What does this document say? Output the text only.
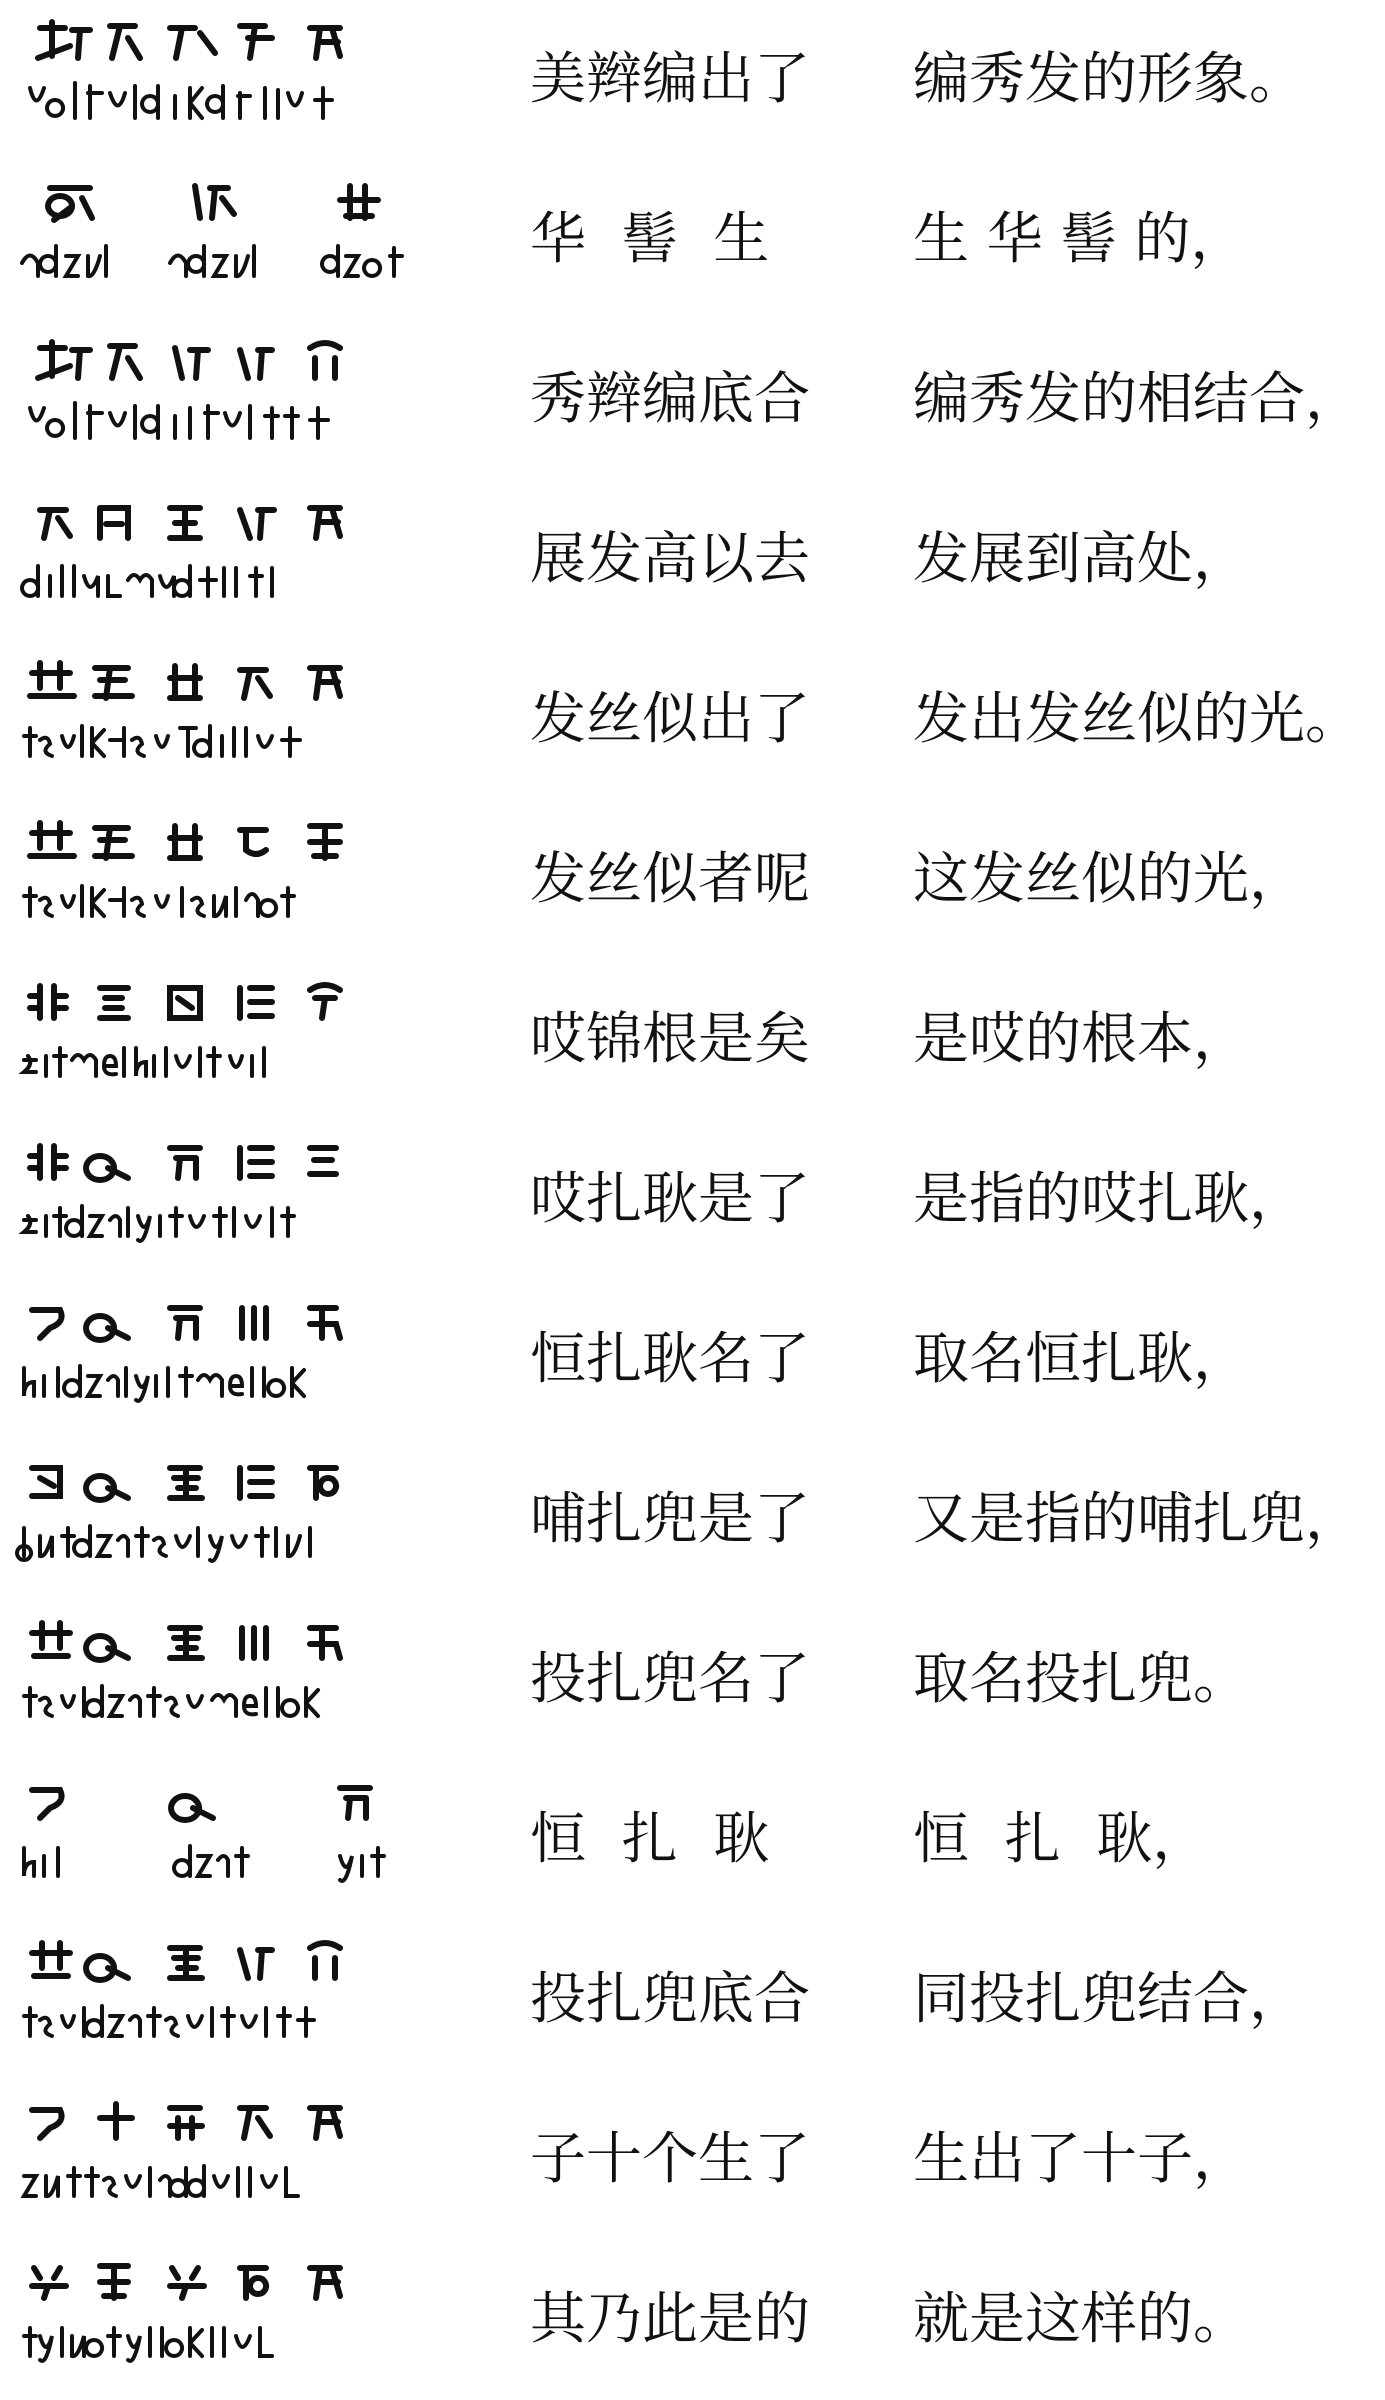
美辫编出了 编秀发的形象。
华  髻  生	生 华 髻 的，
秀辫编底合 编秀发的相结合，
展发高以去 发展到高处，
发丝似出了 发出发丝似的光。
发丝似者呢 这发丝似的光，
哎锦根是矣 是哎的根本，
哎扎耿是了 是指的哎扎耿，
恒扎耿名了 取名恒扎耿，
哺扎兜是了 又是指的哺扎兜，
投扎兜名了 取名投扎兜。
恒  扎  耿	恒  扎  耿，
投扎兜底合 同投扎兜结合，
子十个生了 生出了十子，
其乃此是的 就是这样的。
